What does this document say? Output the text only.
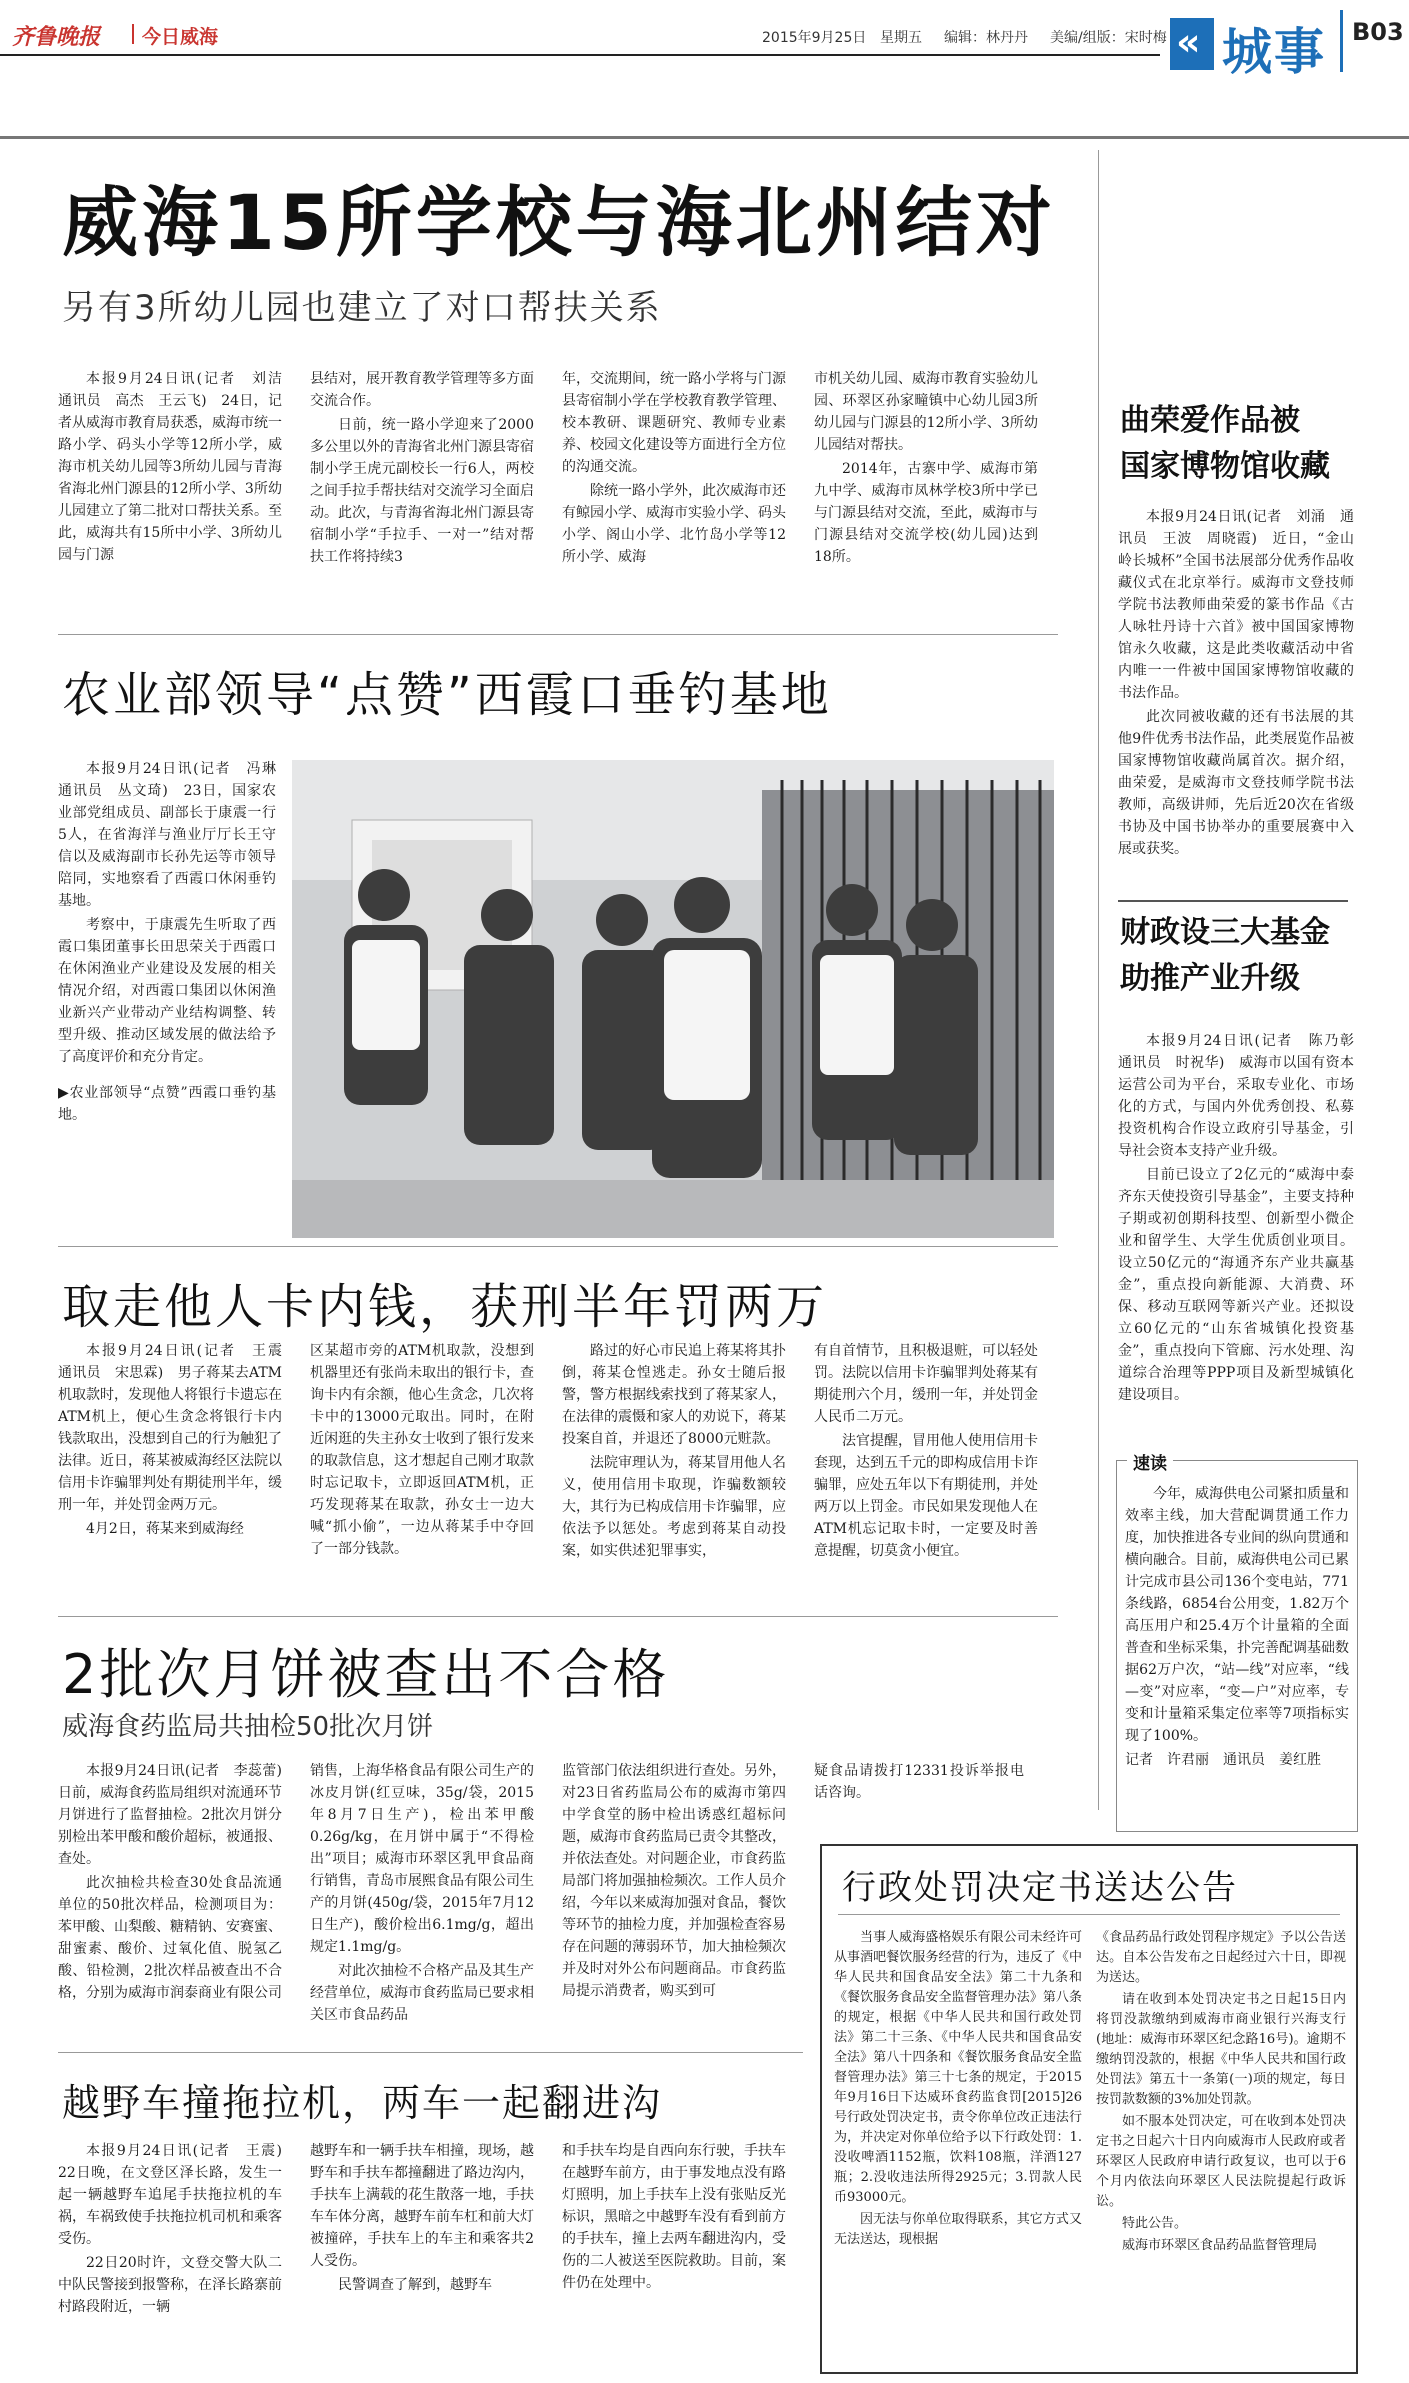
齐鲁晚报 今日威海	2015年9月25日 星期五 编辑：林丹丹 美编/组版：宋时梅 « 城事 B03
威海15所学校与海北州结对
另有3所幼儿园也建立了对口帮扶关系

本报9月24日讯(记者　刘洁　通讯员　高杰　王云飞)　24日，记者从威海市教育局获悉，威海市统一路小学、码头小学等12所小学，威海市机关幼儿园等3所幼儿园与青海省海北州门源县的12所小学、3所幼儿园建立了第二批对口帮扶关系。至此，威海共有15所中小学、3所幼儿园与门源

县结对，展开教育教学管理等多方面交流合作。

日前，统一路小学迎来了2000多公里以外的青海省北州门源县寄宿制小学王虎元副校长一行6人，两校之间手拉手帮扶结对交流学习全面启动。此次，与青海省海北州门源县寄宿制小学“手拉手、一对一”结对帮扶工作将持续3

年，交流期间，统一路小学将与门源县寄宿制小学在学校教育教学管理、校本教研、课题研究、教师专业素养、校园文化建设等方面进行全方位的沟通交流。

除统一路小学外，此次威海市还有鲸园小学、威海市实验小学、码头小学、阁山小学、北竹岛小学等12所小学、威海

市机关幼儿园、威海市教育实验幼儿园、环翠区孙家疃镇中心幼儿园3所幼儿园与门源县的12所小学、3所幼儿园结对帮扶。

2014年，古寨中学、威海市第九中学、威海市凤林学校3所中学已与门源县结对交流，至此，威海市与门源县结对交流学校(幼儿园)达到18所。

农业部领导“点赞”西霞口垂钓基地

本报9月24日讯(记者　冯琳　通讯员　丛文琦)　23日，国家农业部党组成员、副部长于康震一行5人，在省海洋与渔业厅厅长王守信以及威海副市长孙先运等市领导陪同，实地察看了西霞口休闲垂钓基地。

考察中，于康震先生听取了西霞口集团董事长田思荣关于西霞口在休闲渔业产业建设及发展的相关情况介绍，对西霞口集团以休闲渔业新兴产业带动产业结构调整、转型升级、推动区域发展的做法给予了高度评价和充分肯定。

▶农业部领导“点赞”西霞口垂钓基地。

取走他人卡内钱，获刑半年罚两万

本报9月24日讯(记者　王震　通讯员　宋思霖)　男子蒋某去ATM机取款时，发现他人将银行卡遗忘在ATM机上，便心生贪念将银行卡内钱款取出，没想到自己的行为触犯了法律。近日，蒋某被威海经区法院以信用卡诈骗罪判处有期徒刑半年，缓刑一年，并处罚金两万元。

4月2日，蒋某来到威海经

区某超市旁的ATM机取款，没想到机器里还有张尚未取出的银行卡，查询卡内有余额，他心生贪念，几次将卡中的13000元取出。同时，在附近闲逛的失主孙女士收到了银行发来的取款信息，这才想起自己刚才取款时忘记取卡，立即返回ATM机，正巧发现蒋某在取款，孙女士一边大喊“抓小偷”，一边从蒋某手中夺回了一部分钱款。

路过的好心市民追上蒋某将其扑倒，蒋某仓惶逃走。孙女士随后报警，警方根据线索找到了蒋某家人，在法律的震慑和家人的劝说下，蒋某投案自首，并退还了8000元赃款。

法院审理认为，蒋某冒用他人名义，使用信用卡取现，诈骗数额较大，其行为已构成信用卡诈骗罪，应依法予以惩处。考虑到蒋某自动投案，如实供述犯罪事实，

有自首情节，且积极退赃，可以轻处罚。法院以信用卡诈骗罪判处蒋某有期徒刑六个月，缓刑一年，并处罚金人民币二万元。

法官提醒，冒用他人使用信用卡套现，达到五千元的即构成信用卡诈骗罪，应处五年以下有期徒刑，并处两万以上罚金。市民如果发现他人在ATM机忘记取卡时，一定要及时善意提醒，切莫贪小便宜。

2批次月饼被查出不合格
威海食药监局共抽检50批次月饼

本报9月24日讯(记者　李蕊蕾)　日前，威海食药监局组织对流通环节月饼进行了监督抽检。2批次月饼分别检出苯甲酸和酸价超标，被通报、查处。

此次抽检共检查30处食品流通单位的50批次样品，检测项目为：苯甲酸、山梨酸、糖精钠、安赛蜜、甜蜜素、酸价、过氧化值、脱氢乙酸、铅检测，2批次样品被查出不合格，分别为威海市润泰商业有限公司

销售，上海华格食品有限公司生产的冰皮月饼(红豆味，35g/袋，2015年8月7日生产)，检出苯甲酸0.26g/kg，在月饼中属于“不得检出”项目；威海市环翠区乳甲食品商行销售，青岛市展熙食品有限公司生产的月饼(450g/袋，2015年7月12日生产)，酸价检出6.1mg/g，超出规定1.1mg/g。

对此次抽检不合格产品及其生产经营单位，威海市食药监局已要求相关区市食品药品

监管部门依法组织进行查处。另外，对23日省药监局公布的威海市第四中学食堂的肠中检出诱惑红超标问题，威海市食药监局已责令其整改，并依法查处。对问题企业，市食药监局部门将加强抽检频次。工作人员介绍，今年以来威海加强对食品，餐饮等环节的抽检力度，并加强检查容易存在问题的薄弱环节，加大抽检频次并及时对外公布问题商品。市食药监局提示消费者，购买到可

疑食品请拨打12331投诉举报电话咨询。

越野车撞拖拉机，两车一起翻进沟

本报9月24日讯(记者　王震)　22日晚，在文登区泽长路，发生一起一辆越野车追尾手扶拖拉机的车祸，车祸致使手扶拖拉机司机和乘客受伤。

22日20时许，文登交警大队二中队民警接到报警称，在泽长路寨前村路段附近，一辆

越野车和一辆手扶车相撞，现场，越野车和手扶车都撞翻进了路边沟内，手扶车上满载的花生散落一地，手扶车车体分离，越野车前车杠和前大灯被撞碎，手扶车上的车主和乘客共2人受伤。

民警调查了解到，越野车

和手扶车均是自西向东行驶，手扶车在越野车前方，由于事发地点没有路灯照明，加上手扶车上没有张贴反光标识，黑暗之中越野车没有看到前方的手扶车，撞上去两车翻进沟内，受伤的二人被送至医院救助。目前，案件仍在处理中。

行政处罚决定书送达公告

当事人威海盛格娱乐有限公司未经许可从事酒吧餐饮服务经营的行为，违反了《中华人民共和国食品安全法》第二十九条和《餐饮服务食品安全监督管理办法》第八条的规定，根据《中华人民共和国行政处罚法》第二十三条、《中华人民共和国食品安全法》第八十四条和《餐饮服务食品安全监督管理办法》第三十七条的规定，于2015年9月16日下达威环食药监食罚[2015]26号行政处罚决定书，责令你单位改正违法行为，并决定对你单位给予以下行政处罚：1.没收啤酒1152瓶，饮料108瓶，洋酒127瓶；2.没收违法所得2925元；3.罚款人民币93000元。

因无法与你单位取得联系，其它方式又无法送达，现根据

《食品药品行政处罚程序规定》予以公告送达。自本公告发布之日起经过六十日，即视为送达。

请在收到本处罚决定书之日起15日内将罚没款缴纳到威海市商业银行兴海支行(地址：威海市环翠区纪念路16号)。逾期不缴纳罚没款的，根据《中华人民共和国行政处罚法》第五十一条第(一)项的规定，每日按罚款数额的3%加处罚款。

如不服本处罚决定，可在收到本处罚决定书之日起六十日内向威海市人民政府或者环翠区人民政府申请行政复议，也可以于6个月内依法向环翠区人民法院提起行政诉讼。

特此公告。

威海市环翠区食品药品监督管理局

曲荣爱作品被
国家博物馆收藏

本报9月24日讯(记者　刘涌　通讯员　王波　周晓霞)　近日，“金山岭长城杯”全国书法展部分优秀作品收藏仪式在北京举行。威海市文登技师学院书法教师曲荣爱的篆书作品《古人咏牡丹诗十六首》被中国国家博物馆永久收藏，这是此类收藏活动中省内唯一一件被中国国家博物馆收藏的书法作品。

此次同被收藏的还有书法展的其他9件优秀书法作品，此类展览作品被国家博物馆收藏尚属首次。据介绍，曲荣爱，是威海市文登技师学院书法教师，高级讲师，先后近20次在省级书协及中国书协举办的重要展赛中入展或获奖。

财政设三大基金
助推产业升级

本报9月24日讯(记者　陈乃彰　通讯员　时祝华)　威海市以国有资本运营公司为平台，采取专业化、市场化的方式，与国内外优秀创投、私募投资机构合作设立政府引导基金，引导社会资本支持产业升级。

目前已设立了2亿元的“威海中泰齐东天使投资引导基金”，主要支持种子期或初创期科技型、创新型小微企业和留学生、大学生优质创业项目。设立50亿元的“海通齐东产业共赢基金”，重点投向新能源、大消费、环保、移动互联网等新兴产业。还拟设立60亿元的“山东省城镇化投资基金”，重点投向下管廊、污水处理、沟道综合治理等PPP项目及新型城镇化建设项目。

速读

今年，威海供电公司紧扣质量和效率主线，加大营配调贯通工作力度，加快推进各专业间的纵向贯通和横向融合。目前，威海供电公司已累计完成市县公司136个变电站，771条线路，6854台公用变，1.82万个高压用户和25.4万个计量箱的全面普查和坐标采集，扑完善配调基础数据62万户次，“站—线”对应率，“线—变”对应率，“变—户”对应率，专变和计量箱采集定位率等7项指标实现了100%。

记者　许君丽　通讯员　姜红胜
